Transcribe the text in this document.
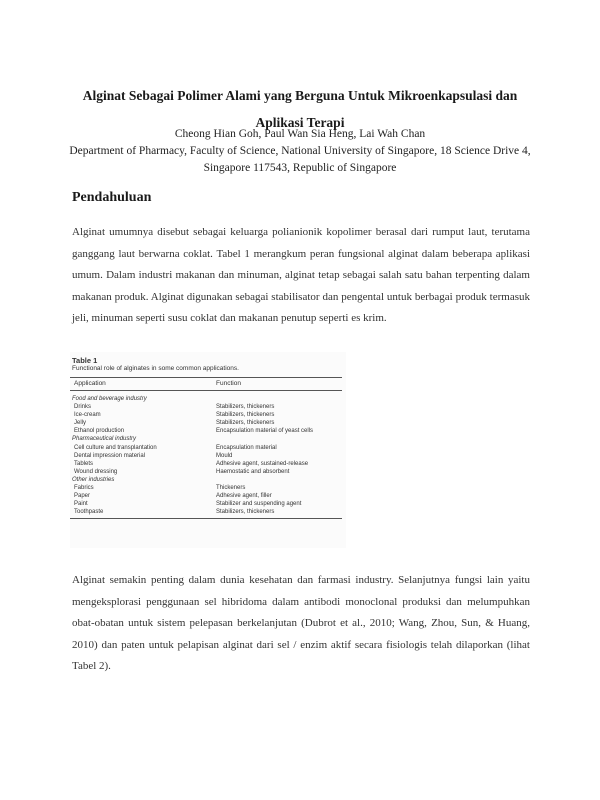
Alginat Sebagai Polimer Alami yang Berguna Untuk Mikroenkapsulasi dan Aplikasi Terapi
Cheong Hian Goh, Paul Wan Sia Heng, Lai Wah Chan
Department of Pharmacy, Faculty of Science, National University of Singapore, 18 Science Drive 4, Singapore 117543, Republic of Singapore
Pendahuluan
Alginat umumnya disebut sebagai keluarga polianionik kopolimer berasal dari rumput laut, terutama ganggang laut berwarna coklat. Tabel 1 merangkum peran fungsional alginat dalam beberapa aplikasi umum. Dalam industri makanan dan minuman, alginat tetap sebagai salah satu bahan terpenting dalam makanan produk. Alginat digunakan sebagai stabilisator dan pengental untuk berbagai produk termasuk jeli, minuman seperti susu coklat dan makanan penutup seperti es krim.
Table 1
Functional role of alginates in some common applications.
Application	Function
Food and beverage industry
Drinks	Stabilizers, thickeners
Ice-cream	Stabilizers, thickeners
Jelly	Stabilizers, thickeners
Ethanol production	Encapsulation material of yeast cells
Pharmaceutical industry
Cell culture and transplantation	Encapsulation material
Dental impression material	Mould
Tablets	Adhesive agent, sustained-release
Wound dressing	Haemostatic and absorbent
Other industries
Fabrics	Thickeners
Paper	Adhesive agent, filler
Paint	Stabilizer and suspending agent
Toothpaste	Stabilizers, thickeners
Alginat semakin penting dalam dunia kesehatan dan farmasi industry. Selanjutnya fungsi lain yaitu mengeksplorasi penggunaan sel hibridoma dalam antibodi monoclonal produksi dan melumpuhkan obat-obatan untuk sistem pelepasan berkelanjutan (Dubrot et al., 2010; Wang, Zhou, Sun, & Huang, 2010) dan paten untuk pelapisan alginat dari sel / enzim aktif secara fisiologis telah dilaporkan (lihat Tabel 2).
